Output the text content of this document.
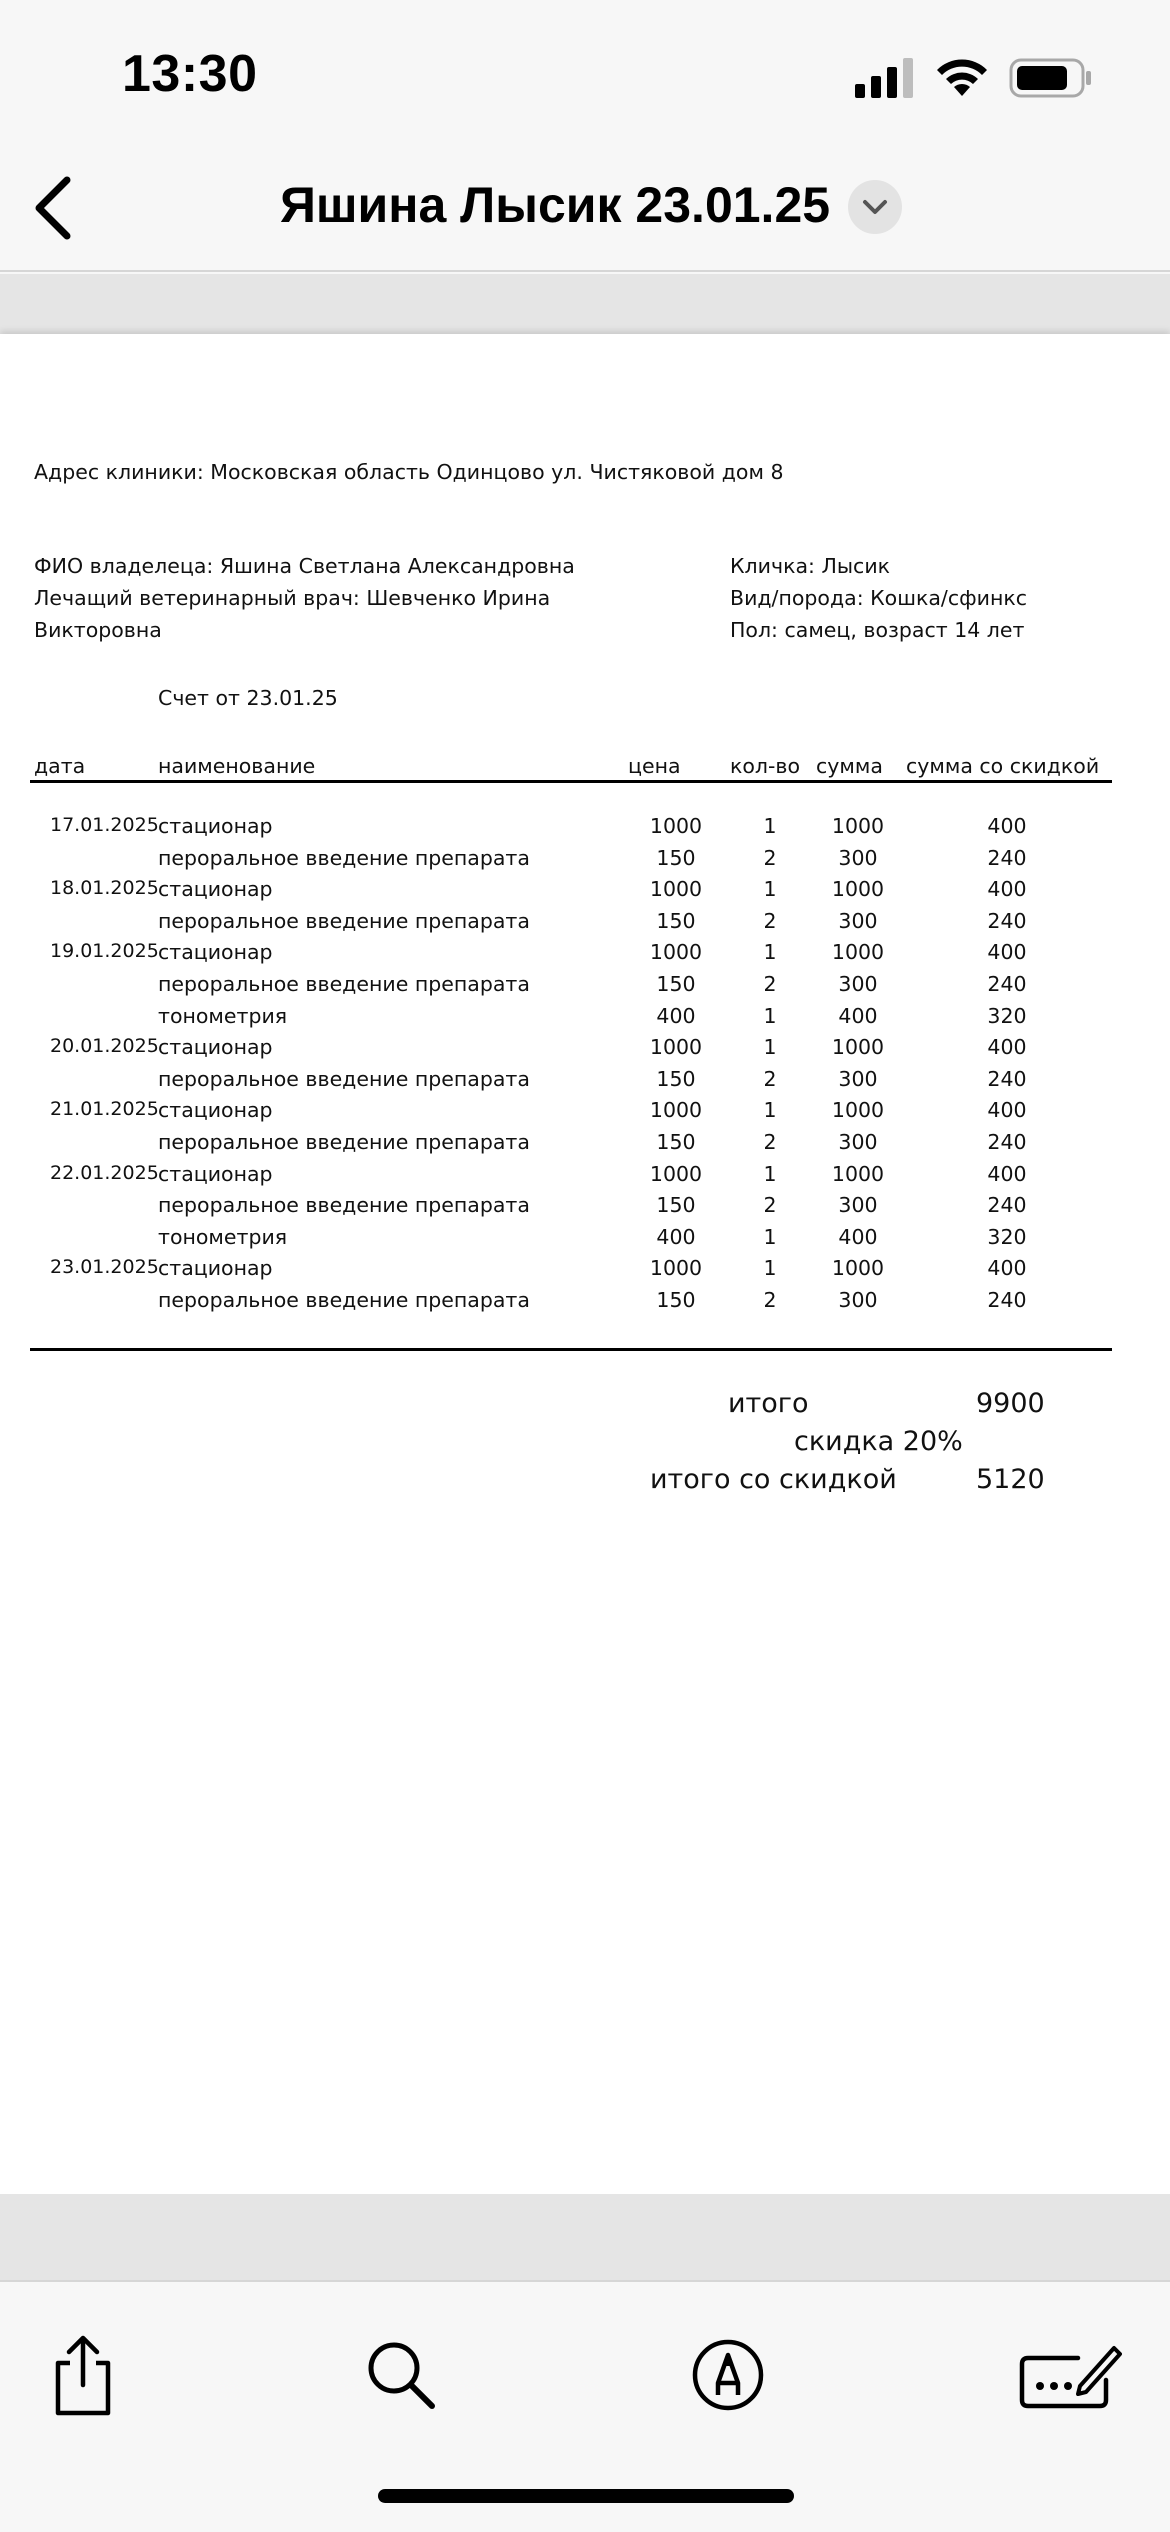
13:30
Яшина Лысик 23.01.25
Адрес клиники: Московская область Одинцово ул. Чистяковой дом 8
ФИО владелеца: Яшина Светлана Александровна
Лечащий ветеринарный врач: Шевченко Ирина
Викторовна
Кличка: Лысик
Вид/порода: Кошка/сфинкс
Пол: самец, возраст 14 лет
Счет от 23.01.25
дата	наименование	цена кол-во сумма сумма со скидкой
17.01.2025 стационар	1000	1	1000	400
пероральное введение препарата	150	2	300	240
18.01.2025 стационар	1000	1	1000	400
пероральное введение препарата	150	2	300	240
19.01.2025 стационар	1000	1	1000	400
пероральное введение препарата	150	2	300	240
тонометрия	400	1	400	320
20.01.2025 стационар	1000	1	1000	400
пероральное введение препарата	150	2	300	240
21.01.2025 стационар	1000	1	1000	400
пероральное введение препарата	150	2	300	240
22.01.2025 стационар	1000	1	1000	400
пероральное введение препарата	150	2	300	240
тонометрия	400	1	400	320
23.01.2025 стационар	1000	1	1000	400
пероральное введение препарата	150	2	300	240
итого	9900
скидка 20%
итого со скидкой	5120
